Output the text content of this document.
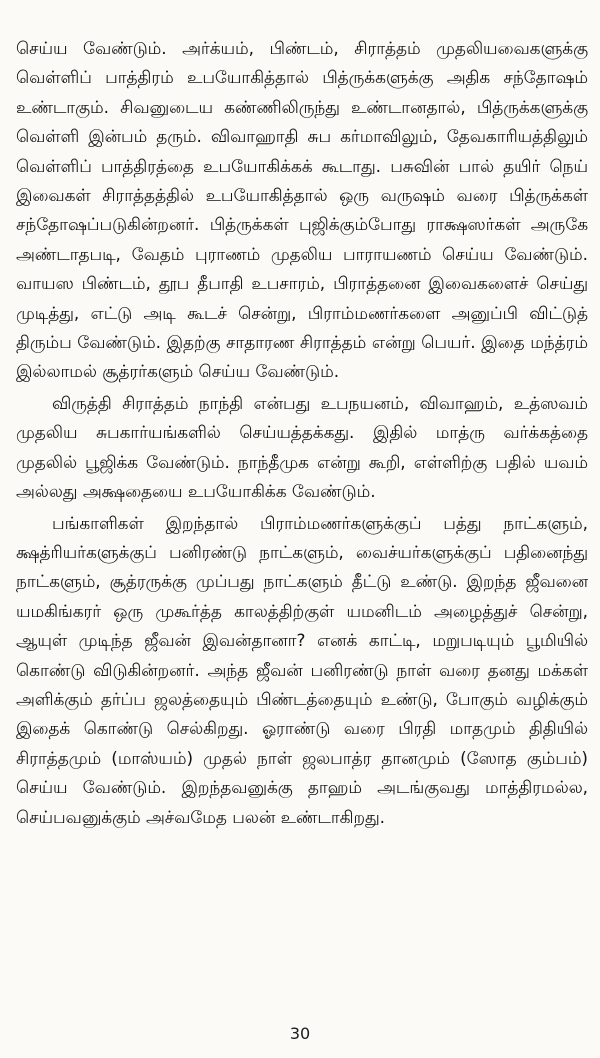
செய்ய வேண்டும். அர்க்யம், பிண்டம், சிராத்தம் முதலியவைகளுக்கு வெள்ளிப் பாத்திரம் உபயோகித்தால் பித்ருக்களுக்கு அதிக சந்தோஷம் உண்டாகும். சிவனுடைய கண்ணிலிருந்து உண்டானதால், பித்ருக்களுக்கு வெள்ளி இன்பம் தரும். விவாஹாதி சுப கர்மாவிலும், தேவகாரியத்திலும் வெள்ளிப் பாத்திரத்தை உபயோகிக்கக் கூடாது. பசுவின் பால் தயிர் நெய் இவைகள் சிராத்தத்தில் உபயோகித்தால் ஒரு வருஷம் வரை பித்ருக்கள் சந்தோஷப்படுகின்றனர். பித்ருக்கள் புஜிக்கும்போது ராக்ஷஸர்கள் அருகே அண்டாதபடி, வேதம் புராணம் முதலிய பாராயணம் செய்ய வேண்டும். வாயஸ பிண்டம், தூப தீபாதி உபசாரம், பிராத்தனை இவைகளைச் செய்து முடித்து, எட்டு அடி கூடச் சென்று, பிராம்மணர்களை அனுப்பி விட்டுத் திரும்ப வேண்டும். இதற்கு சாதாரண சிராத்தம் என்று பெயர். இதை மந்த்ரம் இல்லாமல் சூத்ரர்களும் செய்ய வேண்டும்.

விருத்தி சிராத்தம் நாந்தி என்பது உபநயனம், விவாஹம், உத்ஸவம் முதலிய சுபகார்யங்களில் செய்யத்தக்கது. இதில் மாத்ரு வர்க்கத்தை முதலில் பூஜிக்க வேண்டும். நாந்தீமுக என்று கூறி, எள்ளிற்கு பதில் யவம் அல்லது அக்ஷதையை உபயோகிக்க வேண்டும்.

பங்காளிகள் இறந்தால் பிராம்மணர்களுக்குப் பத்து நாட்களும், க்ஷத்ரியர்களுக்குப் பனிரண்டு நாட்களும், வைச்யர்களுக்குப் பதினைந்து நாட்களும், சூத்ரருக்கு முப்பது நாட்களும் தீட்டு உண்டு. இறந்த ஜீவனை யமகிங்கரர் ஒரு முகூர்த்த காலத்திற்குள் யமனிடம் அழைத்துச் சென்று, ஆயுள் முடிந்த ஜீவன் இவன்தானா? எனக் காட்டி, மறுபடியும் பூமியில் கொண்டு விடுகின்றனர். அந்த ஜீவன் பனிரண்டு நாள் வரை தனது மக்கள் அளிக்கும் தர்ப்ப ஜலத்தையும் பிண்டத்தையும் உண்டு, போகும் வழிக்கும் இதைக் கொண்டு செல்கிறது. ஓராண்டு வரை பிரதி மாதமும் திதியில் சிராத்தமும் (மாஸ்யம்) முதல் நாள் ஜலபாத்ர தானமும் (ஸோத கும்பம்) செய்ய வேண்டும். இறந்தவனுக்கு தாஹம் அடங்குவது மாத்திரமல்ல, செய்பவனுக்கும் அச்வமேத பலன் உண்டாகிறது.

30
